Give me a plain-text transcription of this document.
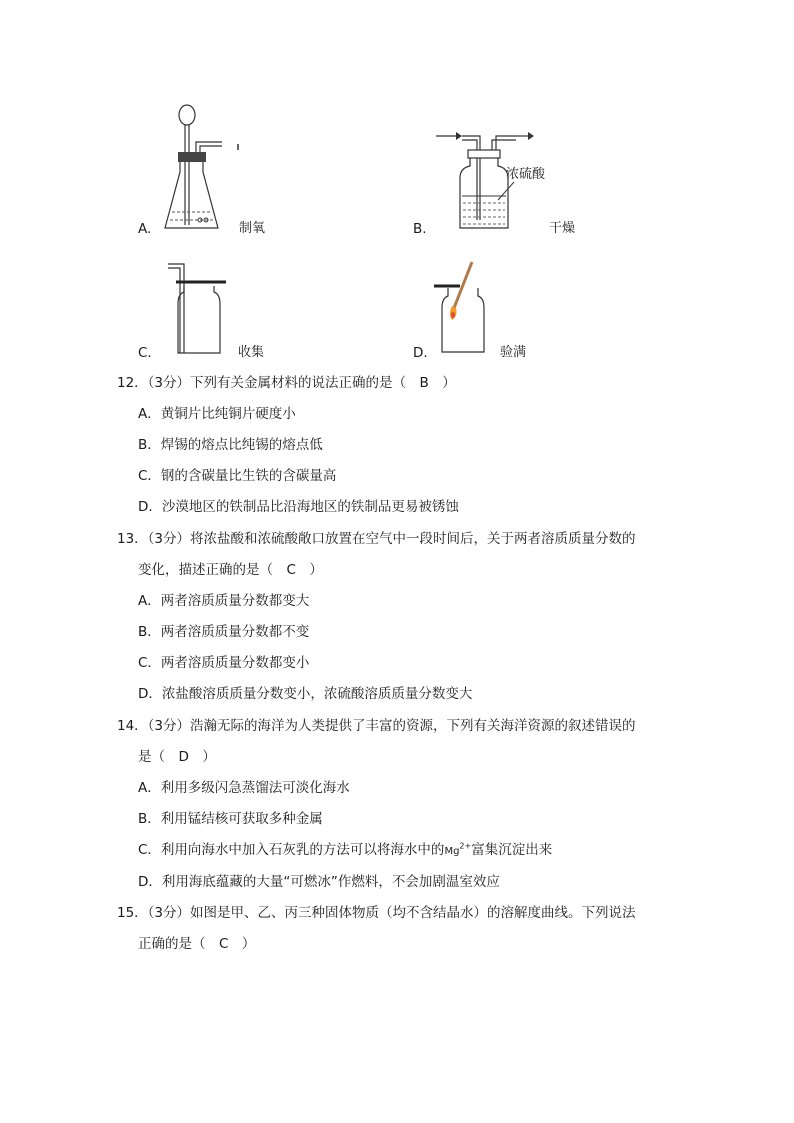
A.	制氧
浓硫酸
B.	干燥
C.	收集	D.	验满
12．（3分）下列有关金属材料的说法正确的是（　B　）
A．黄铜片比纯铜片硬度小
B．焊锡的熔点比纯锡的熔点低
C．钢的含碳量比生铁的含碳量高
D．沙漠地区的铁制品比沿海地区的铁制品更易被锈蚀
13．（3分）将浓盐酸和浓硫酸敞口放置在空气中一段时间后，关于两者溶质质量分数的
变化，描述正确的是（　C　）
A．两者溶质质量分数都变大
B．两者溶质质量分数都不变
C．两者溶质质量分数都变小
D．浓盐酸溶质质量分数变小，浓硫酸溶质质量分数变大
14．（3分）浩瀚无际的海洋为人类提供了丰富的资源，下列有关海洋资源的叙述错误的
是（　D　）
A．利用多级闪急蒸馏法可淡化海水
B．利用锰结核可获取多种金属
C．利用向海水中加入石灰乳的方法可以将海水中的$Mg^{2+}$富集沉淀出来
D．利用海底蕴藏的大量“可燃冰”作燃料，不会加剧温室效应
15．（3分）如图是甲、乙、丙三种固体物质（均不含结晶水）的溶解度曲线。下列说法
正确的是（　C　）
